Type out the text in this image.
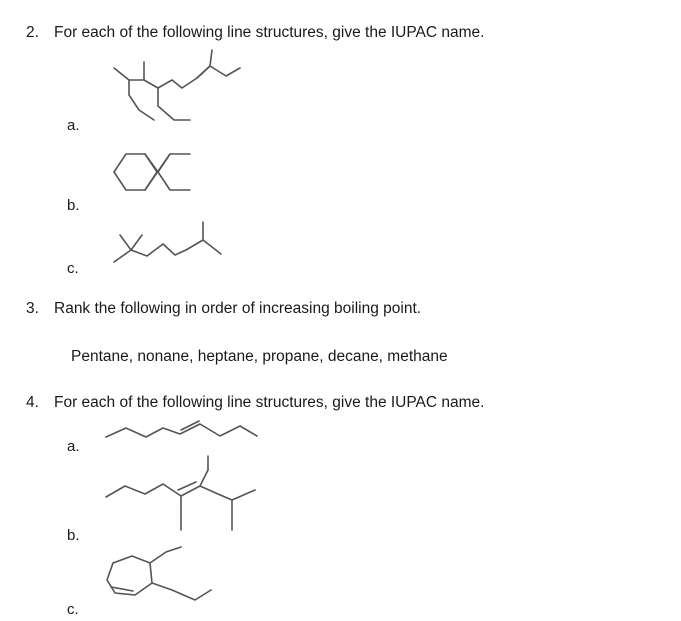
2. For each of the following line structures, give the IUPAC name.
a.
b.
c.
3. Rank the following in order of increasing boiling point.
Pentane, nonane, heptane, propane, decane, methane
4. For each of the following line structures, give the IUPAC name.
a.
b.
c.
